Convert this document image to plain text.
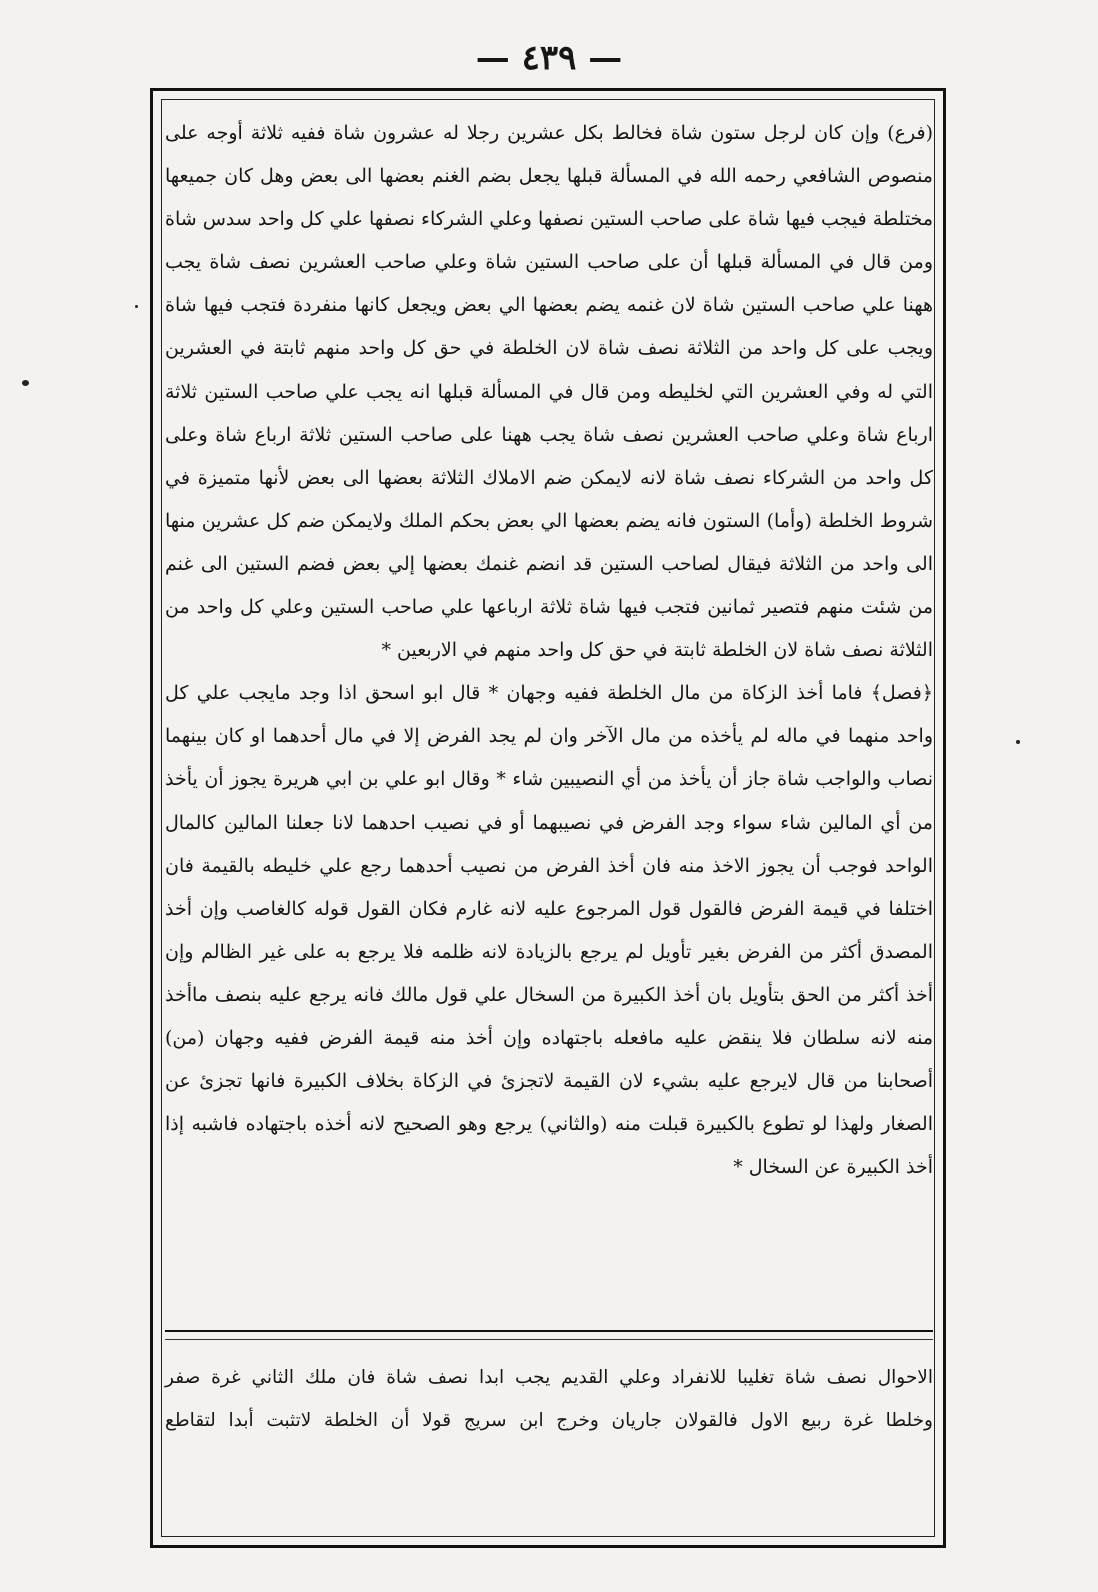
— ٤٣٩ —

(فرع) وإن كان لرجل ستون شاة فخالط بكل عشرين رجلا له عشرون شاة ففيه ثلاثة أوجه على منصوص الشافعي رحمه الله في المسألة قبلها يجعل بضم الغنم بعضها الى بعض وهل كان جميعها مختلطة فيجب فيها شاة على صاحب الستين نصفها وعلي الشركاء نصفها علي كل واحد سدس شاة ومن قال في المسألة قبلها أن على صاحب الستين شاة وعلي صاحب العشرين نصف شاة يجب ههنا علي صاحب الستين شاة لان غنمه يضم بعضها الي بعض ويجعل كانها منفردة فتجب فيها شاة ويجب على كل واحد من الثلاثة نصف شاة لان الخلطة في حق كل واحد منهم ثابتة في العشرين التي له وفي العشرين التي لخليطه ومن قال في المسألة قبلها انه يجب علي صاحب الستين ثلاثة ارباع شاة وعلي صاحب العشرين نصف شاة يجب ههنا على صاحب الستين ثلاثة ارباع شاة وعلى كل واحد من الشركاء نصف شاة لانه لايمكن ضم الاملاك الثلاثة بعضها الى بعض لأنها متميزة في شروط الخلطة (وأما) الستون فانه يضم بعضها الي بعض بحكم الملك ولايمكن ضم كل عشرين منها الى واحد من الثلاثة فيقال لصاحب الستين قد انضم غنمك بعضها إلي بعض فضم الستين الى غنم من شئت منهم فتصير ثمانين فتجب فيها شاة ثلاثة ارباعها علي صاحب الستين وعلي كل واحد من الثلاثة نصف شاة لان الخلطة ثابتة في حق كل واحد منهم في الاربعين *

﴿فصل﴾ فاما أخذ الزكاة من مال الخلطة ففيه وجهان * قال ابو اسحق اذا وجد مايجب علي كل واحد منهما في ماله لم يأخذه من مال الآخر وان لم يجد الفرض إلا في مال أحدهما او كان بينهما نصاب والواجب شاة جاز أن يأخذ من أي النصيبين شاء * وقال ابو علي بن ابي هريرة يجوز أن يأخذ من أي المالين شاء سواء وجد الفرض في نصيبهما أو في نصيب احدهما لانا جعلنا المالين كالمال الواحد فوجب أن يجوز الاخذ منه فان أخذ الفرض من نصيب أحدهما رجع علي خليطه بالقيمة فان اختلفا في قيمة الفرض فالقول قول المرجوع عليه لانه غارم فكان القول قوله كالغاصب وإن أخذ المصدق أكثر من الفرض بغير تأويل لم يرجع بالزيادة لانه ظلمه فلا يرجع به على غير الظالم وإن أخذ أكثر من الحق بتأويل بان أخذ الكبيرة من السخال علي قول مالك فانه يرجع عليه بنصف ماأخذ منه لانه سلطان فلا ينقض عليه مافعله باجتهاده وإن أخذ منه قيمة الفرض ففيه وجهان (من) أصحابنا من قال لايرجع عليه بشيء لان القيمة لاتجزئ في الزكاة بخلاف الكبيرة فانها تجزئ عن الصغار ولهذا لو تطوع بالكبيرة قبلت منه (والثاني) يرجع وهو الصحيح لانه أخذه باجتهاده فاشبه إذا أخذ الكبيرة عن السخال *

الاحوال نصف شاة تغليبا للانفراد وعلي القديم يجب ابدا نصف شاة فان ملك الثاني غرة صفر

وخلطا غرة ربيع الاول فالقولان جاريان وخرج ابن سريج قولا أن الخلطة لاتثبت أبدا لتقاطع
